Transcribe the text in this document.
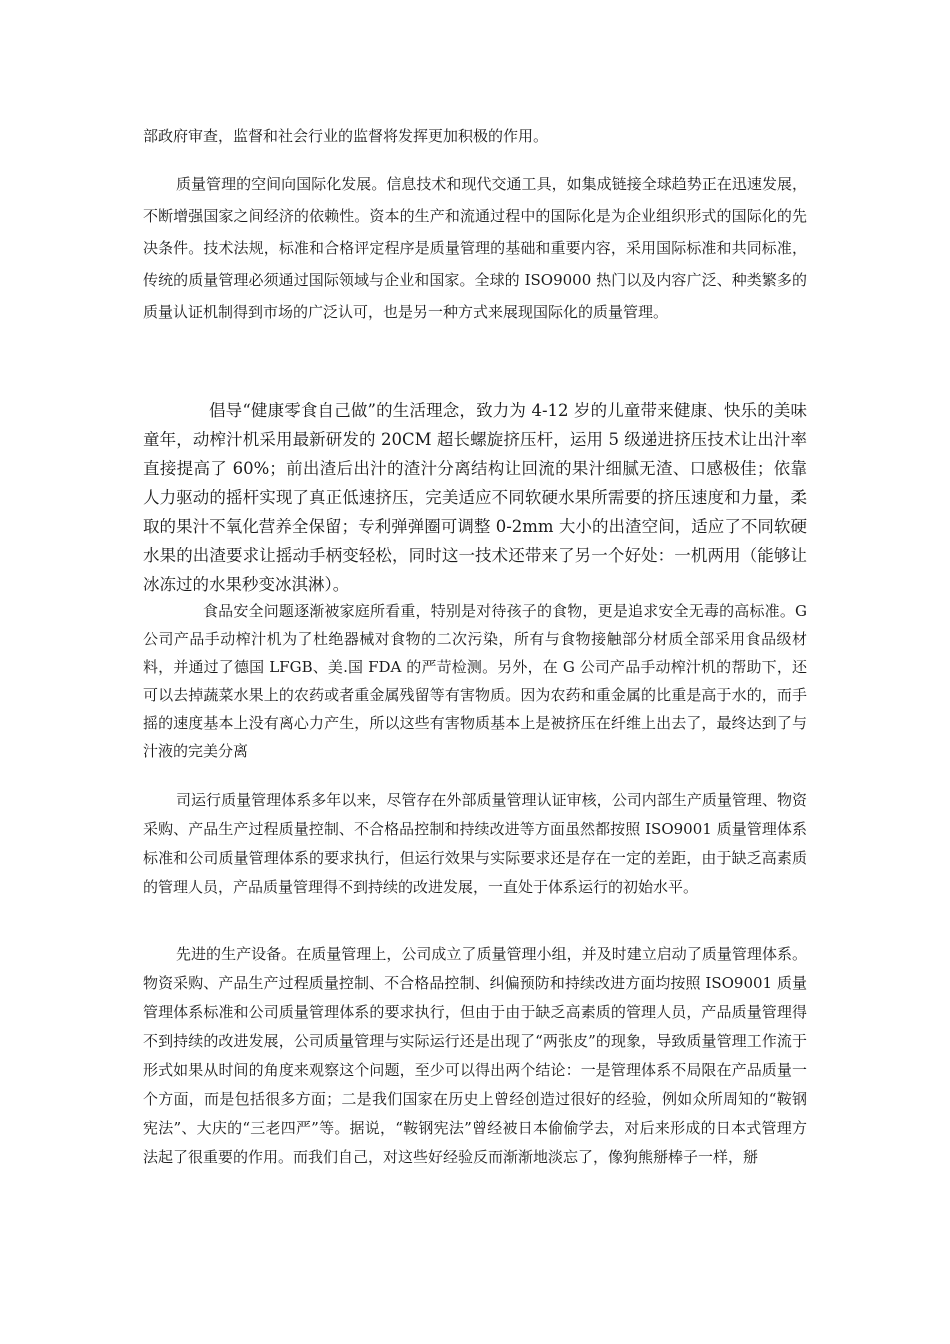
部政府审查，监督和社会行业的监督将发挥更加积极的作用。

质量管理的空间向国际化发展。信息技术和现代交通工具，如集成链接全球趋势正在迅速发展，不断增强国家之间经济的依赖性。资本的生产和流通过程中的国际化是为企业组织形式的国际化的先决条件。技术法规，标准和合格评定程序是质量管理的基础和重要内容，采用国际标准和共同标准，传统的质量管理必须通过国际领域与企业和国家。全球的 ISO9000 热门以及内容广泛、种类繁多的质量认证机制得到市场的广泛认可，也是另一种方式来展现国际化的质量管理。

倡导“健康零食自己做”的生活理念，致力为 4-12 岁的儿童带来健康、快乐的美味童年，动榨汁机采用最新研发的 20CM 超长螺旋挤压杆，运用 5 级递进挤压技术让出汁率直接提高了 60%；前出渣后出汁的渣汁分离结构让回流的果汁细腻无渣、口感极佳；依靠人力驱动的摇杆实现了真正低速挤压，完美适应不同软硬水果所需要的挤压速度和力量，柔取的果汁不氧化营养全保留；专利弹弹圈可调整 0-2mm 大小的出渣空间，适应了不同软硬水果的出渣要求让摇动手柄变轻松，同时这一技术还带来了另一个好处：一机两用（能够让冰冻过的水果秒变冰淇淋）。

食品安全问题逐渐被家庭所看重，特别是对待孩子的食物，更是追求安全无毒的高标准。G 公司产品手动榨汁机为了杜绝器械对食物的二次污染，所有与食物接触部分材质全部采用食品级材料，并通过了德国 LFGB、美.国 FDA 的严苛检测。另外，在 G 公司产品手动榨汁机的帮助下，还可以去掉蔬菜水果上的农药或者重金属残留等有害物质。因为农药和重金属的比重是高于水的，而手摇的速度基本上没有离心力产生，所以这些有害物质基本上是被挤压在纤维上出去了，最终达到了与汁液的完美分离

司运行质量管理体系多年以来，尽管存在外部质量管理认证审核，公司内部生产质量管理、物资采购、产品生产过程质量控制、不合格品控制和持续改进等方面虽然都按照 ISO9001 质量管理体系标准和公司质量管理体系的要求执行，但运行效果与实际要求还是存在一定的差距，由于缺乏高素质的管理人员，产品质量管理得不到持续的改进发展，一直处于体系运行的初始水平。

先进的生产设备。在质量管理上，公司成立了质量管理小组，并及时建立启动了质量管理体系。物资采购、产品生产过程质量控制、不合格品控制、纠偏预防和持续改进方面均按照 ISO9001 质量管理体系标准和公司质量管理体系的要求执行，但由于由于缺乏高素质的管理人员，产品质量管理得不到持续的改进发展，公司质量管理与实际运行还是出现了“两张皮”的现象，导致质量管理工作流于形式如果从时间的角度来观察这个问题，至少可以得出两个结论：一是管理体系不局限在产品质量一个方面，而是包括很多方面；二是我们国家在历史上曾经创造过很好的经验，例如众所周知的“鞍钢宪法”、大庆的“三老四严”等。据说，“鞍钢宪法”曾经被日本偷偷学去，对后来形成的日本式管理方法起了很重要的作用。而我们自己，对这些好经验反而渐渐地淡忘了，像狗熊掰棒子一样，掰
